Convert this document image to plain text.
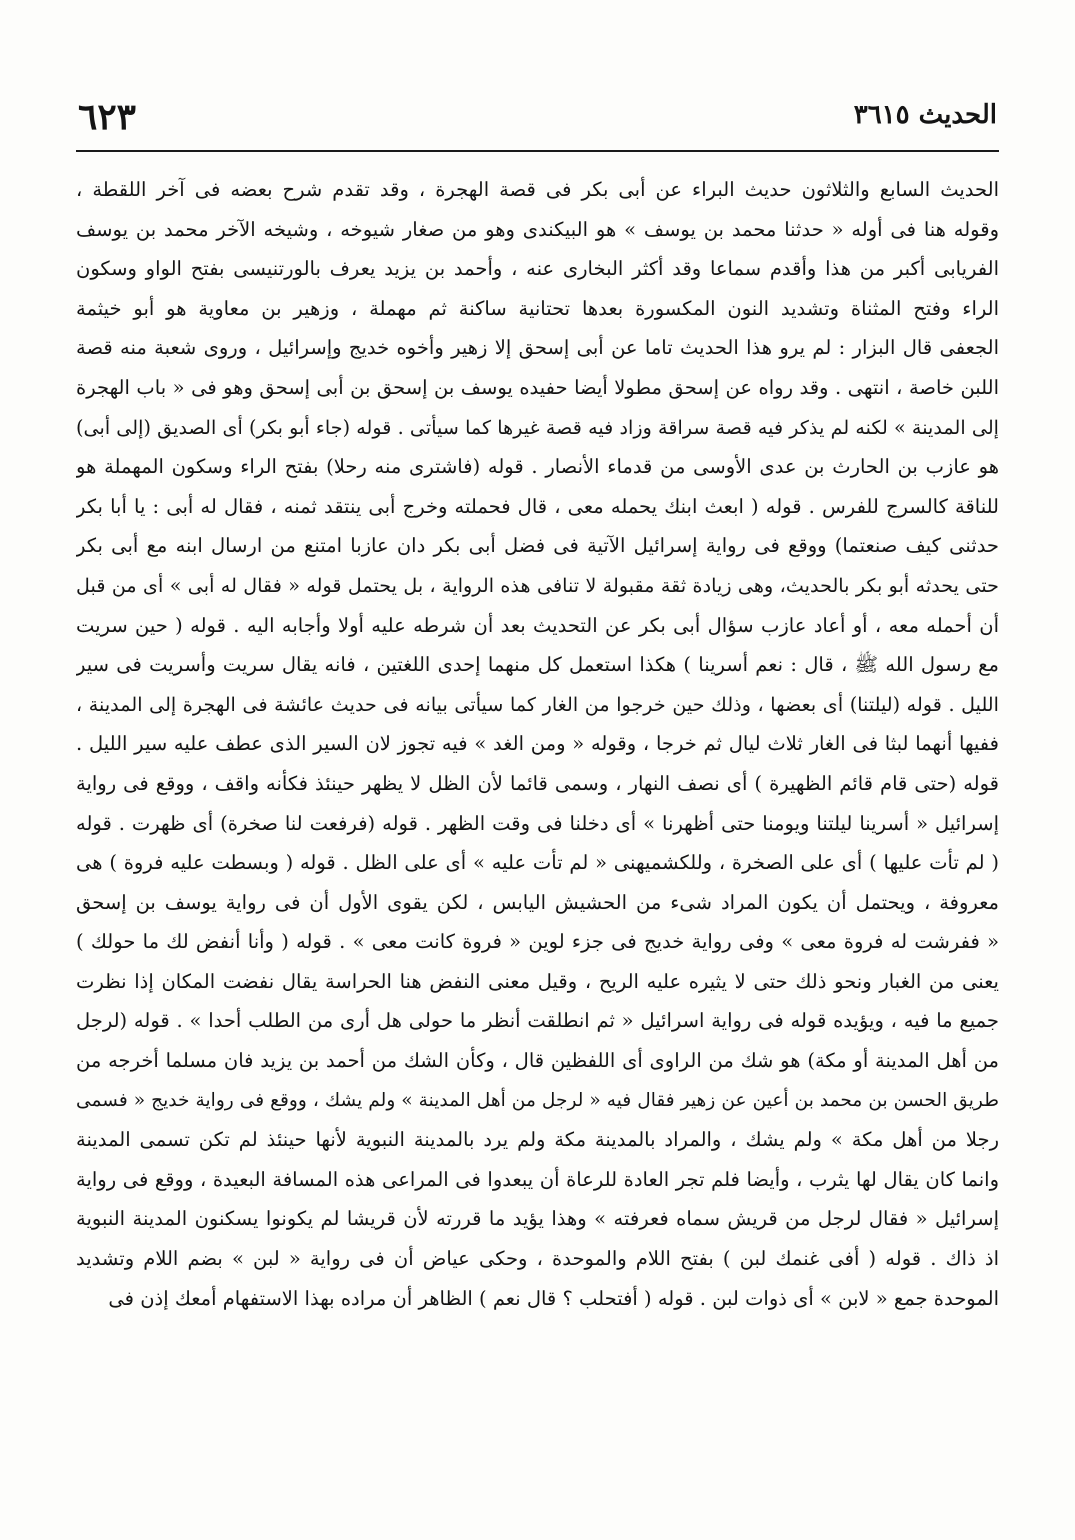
الحديث ٣٦١٥
٦٢٣
الحديث السابع والثلاثون حديث البراء عن أبى بكر فى قصة الهجرة ، وقد تقدم شرح بعضه فى آخر اللقطة ،
وقوله هنا فى أوله « حدثنا محمد بن يوسف » هو البيكندى وهو من صغار شيوخه ، وشيخه الآخر محمد بن يوسف
الفريابى أكبر من هذا وأقدم سماعا وقد أكثر البخارى عنه ، وأحمد بن يزيد يعرف بالورتنيسى بفتح الواو وسكون
الراء وفتح المثناة وتشديد النون المكسورة بعدها تحتانية ساكنة ثم مهملة ، وزهير بن معاوية هو أبو خيثمة
الجعفى قال البزار : لم يرو هذا الحديث تاما عن أبى إسحق إلا زهير وأخوه خديج وإسرائيل ، وروى شعبة منه قصة
اللبن خاصة ، انتهى . وقد رواه عن إسحق مطولا أيضا حفيده يوسف بن إسحق بن أبى إسحق وهو فى « باب الهجرة
إلى المدينة » لكنه لم يذكر فيه قصة سراقة وزاد فيه قصة غيرها كما سيأتى . قوله (جاء أبو بكر) أى الصديق (إلى أبى)
هو عازب بن الحارث بن عدى الأوسى من قدماء الأنصار . قوله (فاشترى منه رحلا) بفتح الراء وسكون المهملة هو
للناقة كالسرج للفرس . قوله ( ابعث ابنك يحمله معى ، قال فحملته وخرج أبى ينتقد ثمنه ، فقال له أبى : يا أبا بكر
حدثنى كيف صنعتما) ووقع فى رواية إسرائيل الآتية فى فضل أبى بكر دان عازبا امتنع من ارسال ابنه مع أبى بكر
حتى يحدثه أبو بكر بالحديث، وهى زيادة ثقة مقبولة لا تنافى هذه الرواية ، بل يحتمل قوله « فقال له أبى » أى من قبل
أن أحمله معه ، أو أعاد عازب سؤال أبى بكر عن التحديث بعد أن شرطه عليه أولا وأجابه اليه . قوله ( حين سريت
مع رسول الله ﷺ ، قال : نعم أسرينا ) هكذا استعمل كل منهما إحدى اللغتين ، فانه يقال سريت وأسريت فى سير
الليل . قوله (ليلتنا) أى بعضها ، وذلك حين خرجوا من الغار كما سيأتى بيانه فى حديث عائشة فى الهجرة إلى المدينة ،
ففيها أنهما لبثا فى الغار ثلاث ليال ثم خرجا ، وقوله « ومن الغد » فيه تجوز لان السير الذى عطف عليه سير الليل .
قوله (حتى قام قائم الظهيرة ) أى نصف النهار ، وسمى قائما لأن الظل لا يظهر حينئذ فكأنه واقف ، ووقع فى رواية
إسرائيل « أسرينا ليلتنا ويومنا حتى أظهرنا » أى دخلنا فى وقت الظهر . قوله (فرفعت لنا صخرة) أى ظهرت . قوله
( لم تأت عليها ) أى على الصخرة ، وللكشميهنى « لم تأت عليه » أى على الظل . قوله ( وبسطت عليه فروة ) هى
معروفة ، ويحتمل أن يكون المراد شىء من الحشيش اليابس ، لكن يقوى الأول أن فى رواية يوسف بن إسحق
« ففرشت له فروة معى » وفى رواية خديج فى جزء لوين « فروة كانت معى » . قوله ( وأنا أنفض لك ما حولك )
يعنى من الغبار ونحو ذلك حتى لا يثيره عليه الريح ، وقيل معنى النفض هنا الحراسة يقال نفضت المكان إذا نظرت
جميع ما فيه ، ويؤيده قوله فى رواية اسرائيل « ثم انطلقت أنظر ما حولى هل أرى من الطلب أحدا » . قوله (لرجل
من أهل المدينة أو مكة) هو شك من الراوى أى اللفظين قال ، وكأن الشك من أحمد بن يزيد فان مسلما أخرجه من
طريق الحسن بن محمد بن أعين عن زهير فقال فيه « لرجل من أهل المدينة » ولم يشك ، ووقع فى رواية خديج « فسمى
رجلا من أهل مكة » ولم يشك ، والمراد بالمدينة مكة ولم يرد بالمدينة النبوية لأنها حينئذ لم تكن تسمى المدينة
وانما كان يقال لها يثرب ، وأيضا فلم تجر العادة للرعاة أن يبعدوا فى المراعى هذه المسافة البعيدة ، ووقع فى رواية
إسرائيل « فقال لرجل من قريش سماه فعرفته » وهذا يؤيد ما قررته لأن قريشا لم يكونوا يسكنون المدينة النبوية
اذ ذاك . قوله ( أفى غنمك لبن ) بفتح اللام والموحدة ، وحكى عياض أن فى رواية « لبن » بضم اللام وتشديد
الموحدة جمع « لابن » أى ذوات لبن . قوله ( أفتحلب ؟ قال نعم ) الظاهر أن مراده بهذا الاستفهام أمعك إذن فى
